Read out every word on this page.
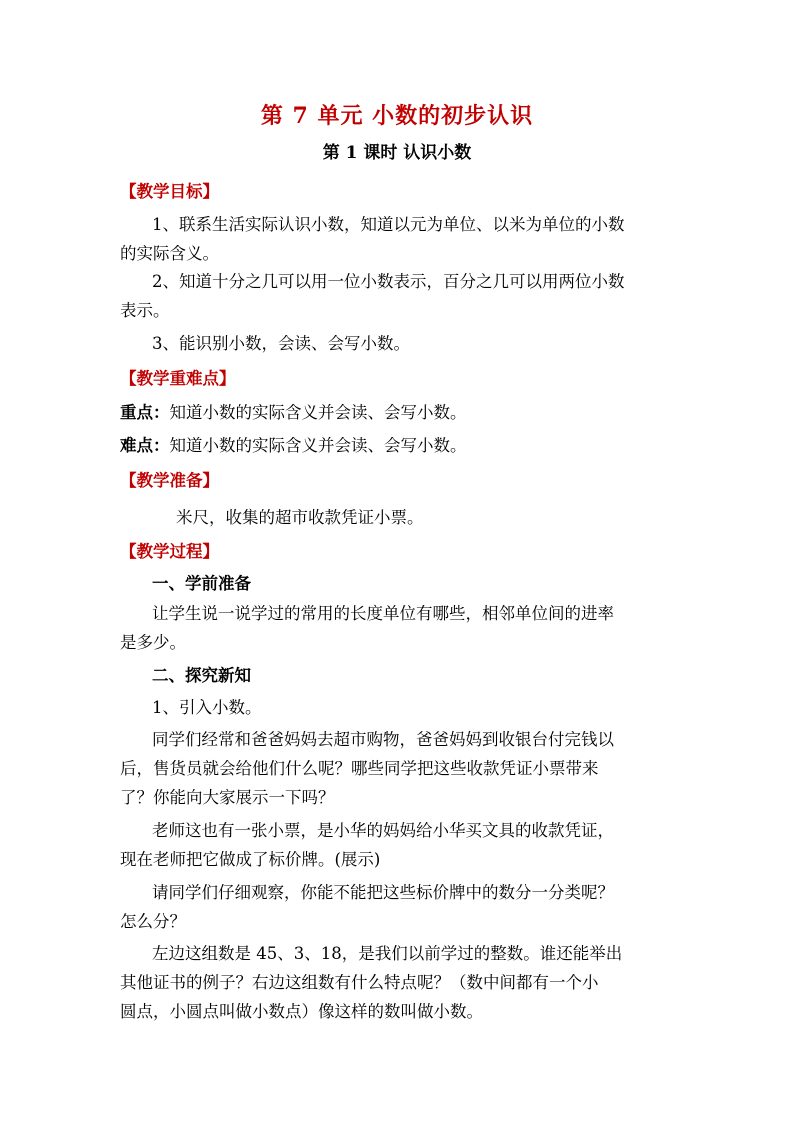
第 7 单元 小数的初步认识
第 1 课时 认识小数
【教学目标】
1、联系生活实际认识小数，知道以元为单位、以米为单位的小数
的实际含义。
2、知道十分之几可以用一位小数表示，百分之几可以用两位小数
表示。
3、能识别小数，会读、会写小数。
【教学重难点】
重点：知道小数的实际含义并会读、会写小数。
难点：知道小数的实际含义并会读、会写小数。
【教学准备】
米尺，收集的超市收款凭证小票。
【教学过程】
一、学前准备
让学生说一说学过的常用的长度单位有哪些，相邻单位间的进率
是多少。
二、探究新知
1、引入小数。
同学们经常和爸爸妈妈去超市购物，爸爸妈妈到收银台付完钱以
后，售货员就会给他们什么呢？哪些同学把这些收款凭证小票带来
了？你能向大家展示一下吗？
老师这也有一张小票，是小华的妈妈给小华买文具的收款凭证，
现在老师把它做成了标价牌。(展示)
请同学们仔细观察，你能不能把这些标价牌中的数分一分类呢？
怎么分？
左边这组数是 45、3、18，是我们以前学过的整数。谁还能举出
其他证书的例子？右边这组数有什么特点呢？（数中间都有一个小
圆点，小圆点叫做小数点）像这样的数叫做小数。
